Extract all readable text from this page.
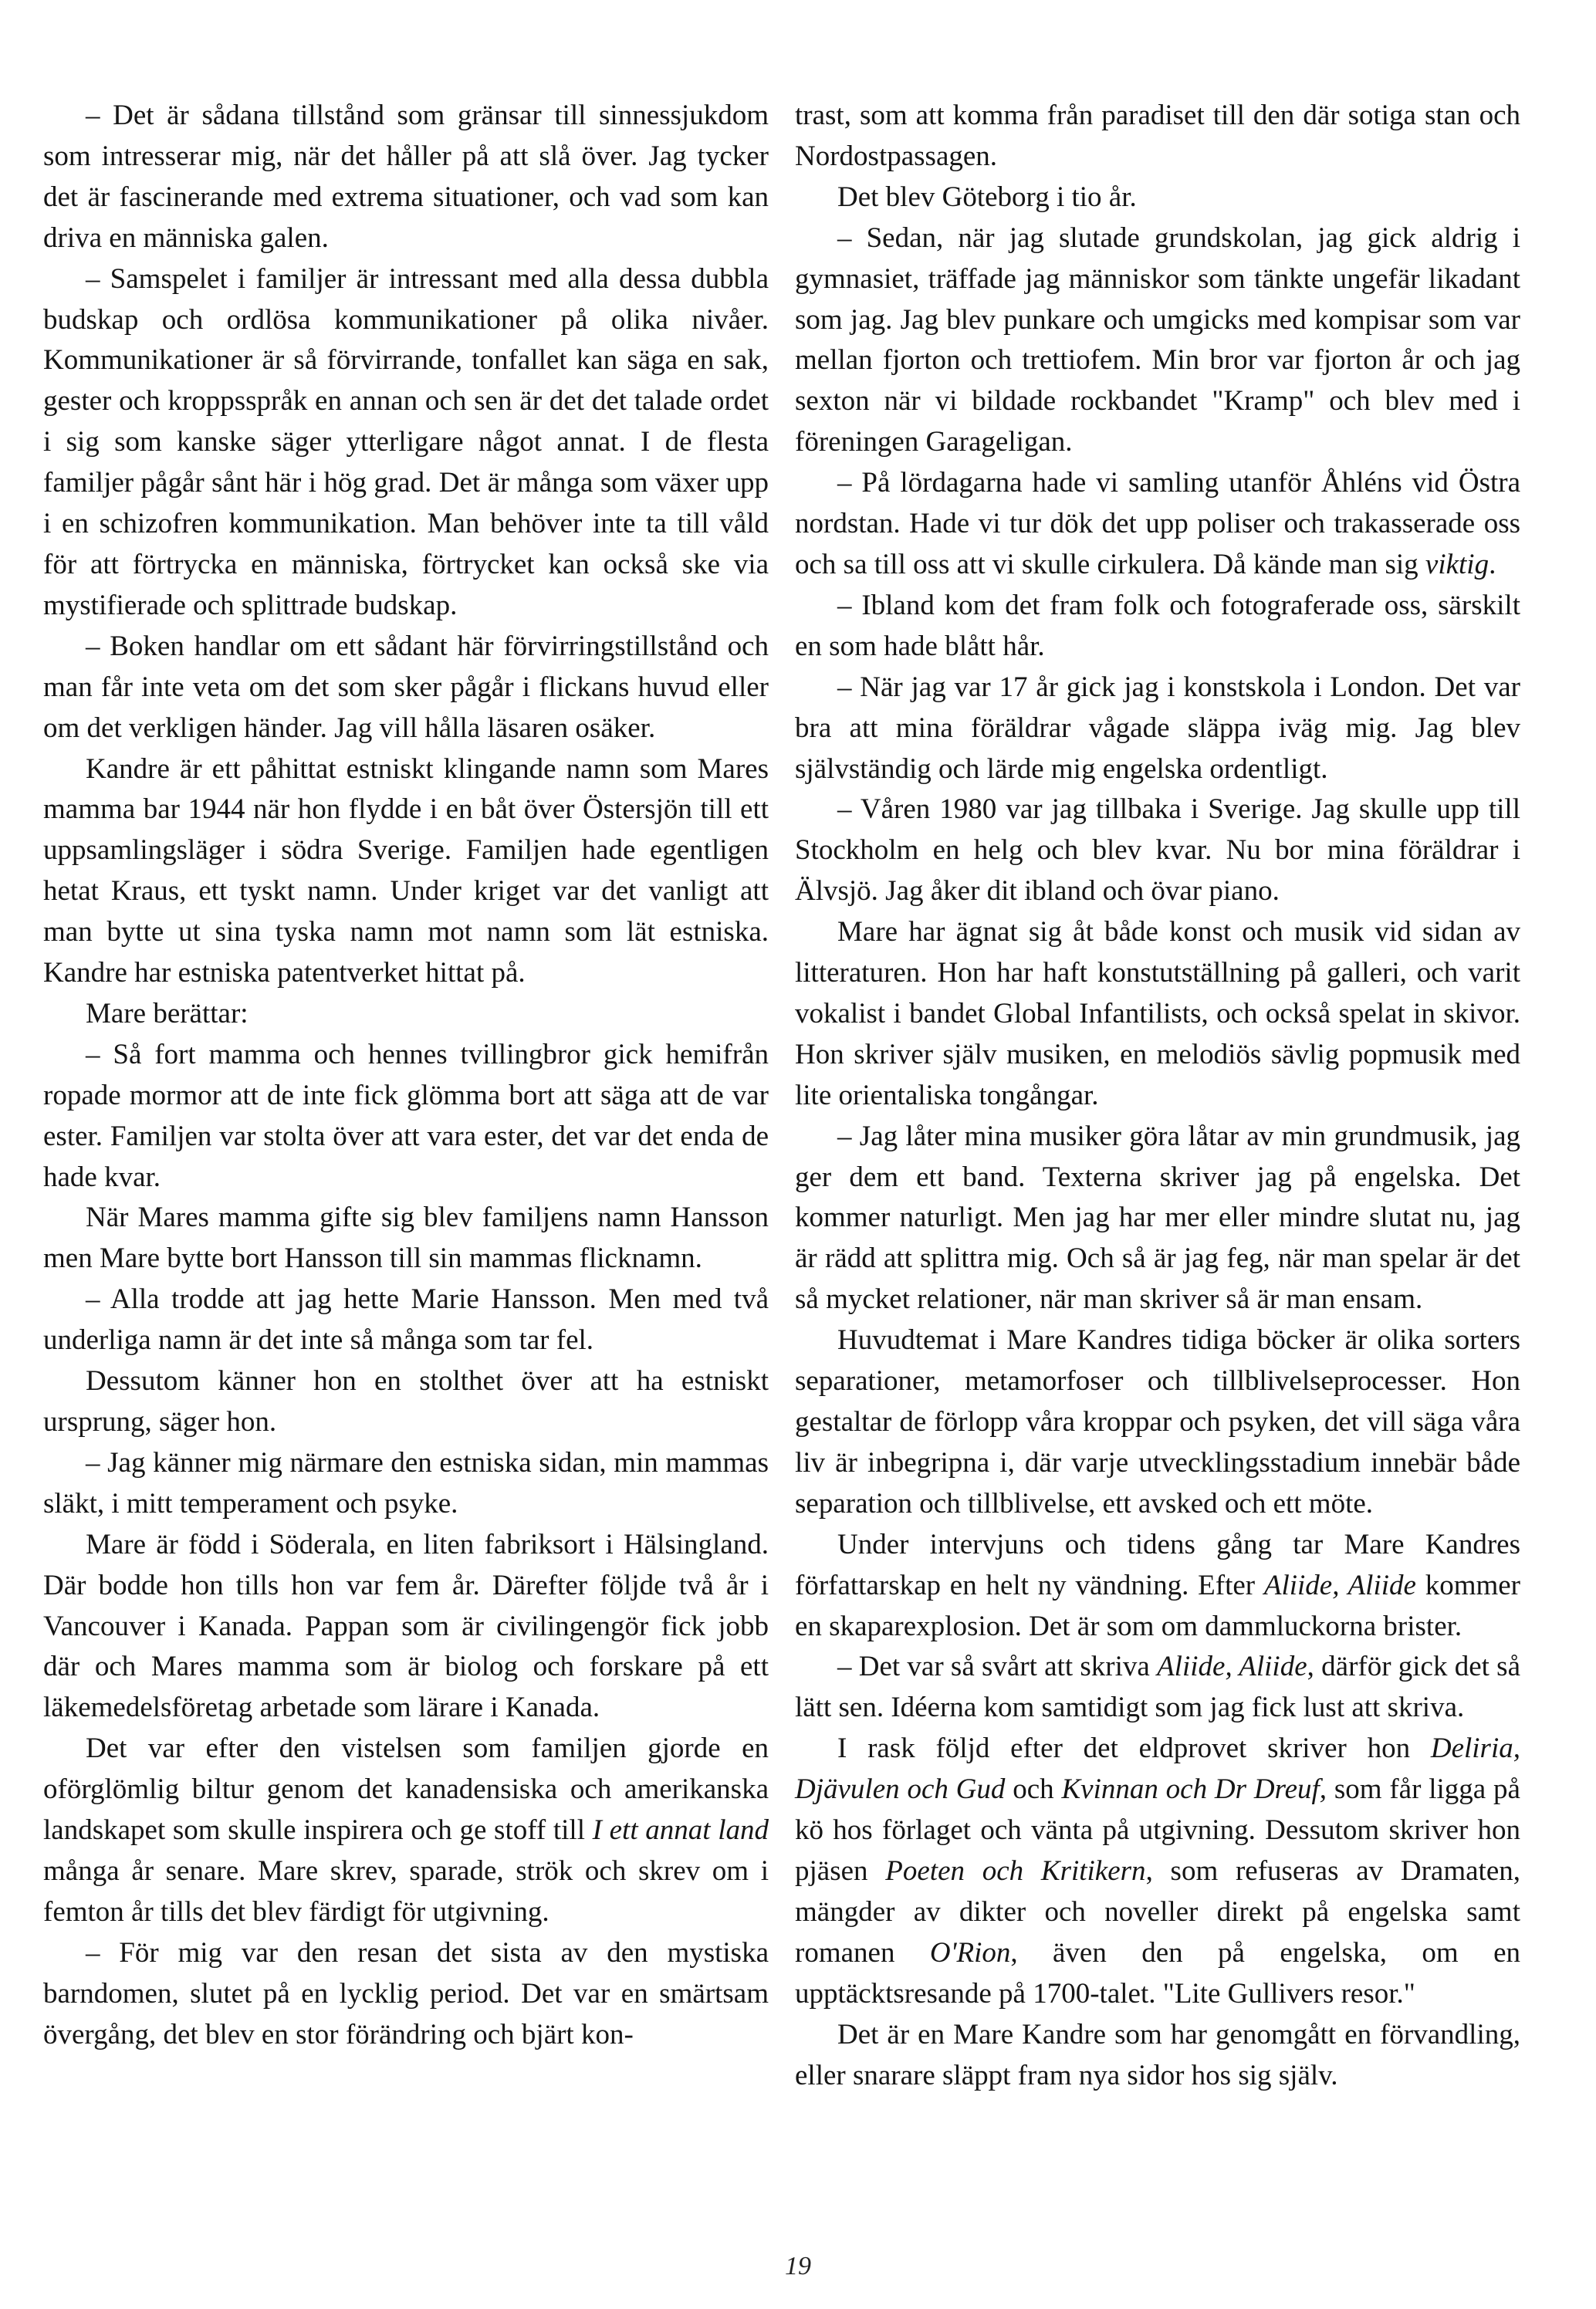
– Det är sådana tillstånd som gränsar till sinnessjukdom som intresserar mig, när det håller på att slå över. Jag tycker det är fascinerande med extrema situationer, och vad som kan driva en människa galen.

– Samspelet i familjer är intressant med alla dessa dubbla budskap och ordlösa kommunikationer på olika nivåer. Kommunikationer är så förvirrande, tonfallet kan säga en sak, gester och kroppsspråk en annan och sen är det det talade ordet i sig som kanske säger ytterligare något annat. I de flesta familjer pågår sånt här i hög grad. Det är många som växer upp i en schizofren kommunikation. Man behöver inte ta till våld för att förtrycka en människa, förtrycket kan också ske via mystifierade och splittrade budskap.

– Boken handlar om ett sådant här förvirringstillstånd och man får inte veta om det som sker pågår i flickans huvud eller om det verkligen händer. Jag vill hålla läsaren osäker.

Kandre är ett påhittat estniskt klingande namn som Mares mamma bar 1944 när hon flydde i en båt över Östersjön till ett uppsamlingsläger i södra Sverige. Familjen hade egentligen hetat Kraus, ett tyskt namn. Under kriget var det vanligt att man bytte ut sina tyska namn mot namn som lät estniska. Kandre har estniska patentverket hittat på.

Mare berättar:

– Så fort mamma och hennes tvillingbror gick hemifrån ropade mormor att de inte fick glömma bort att säga att de var ester. Familjen var stolta över att vara ester, det var det enda de hade kvar.

När Mares mamma gifte sig blev familjens namn Hansson men Mare bytte bort Hansson till sin mammas flicknamn.

– Alla trodde att jag hette Marie Hansson. Men med två underliga namn är det inte så många som tar fel.

Dessutom känner hon en stolthet över att ha estniskt ursprung, säger hon.

– Jag känner mig närmare den estniska sidan, min mammas släkt, i mitt temperament och psyke.

Mare är född i Söderala, en liten fabriksort i Hälsingland. Där bodde hon tills hon var fem år. Därefter följde två år i Vancouver i Kanada. Pappan som är civilingengör fick jobb där och Mares mamma som är biolog och forskare på ett läkemedelsföretag arbetade som lärare i Kanada.

Det var efter den vistelsen som familjen gjorde en oförglömlig biltur genom det kanadensiska och amerikanska landskapet som skulle inspirera och ge stoff till I ett annat land många år senare. Mare skrev, sparade, strök och skrev om i femton år tills det blev färdigt för utgivning.

– För mig var den resan det sista av den mystiska barndomen, slutet på en lycklig period. Det var en smärtsam övergång, det blev en stor förändring och bjärt kon-

trast, som att komma från paradiset till den där sotiga stan och Nordostpassagen.

Det blev Göteborg i tio år.

– Sedan, när jag slutade grundskolan, jag gick aldrig i gymnasiet, träffade jag människor som tänkte ungefär likadant som jag. Jag blev punkare och umgicks med kompisar som var mellan fjorton och trettiofem. Min bror var fjorton år och jag sexton när vi bildade rockbandet "Kramp" och blev med i föreningen Garageligan.

– På lördagarna hade vi samling utanför Åhléns vid Östra nordstan. Hade vi tur dök det upp poliser och trakasserade oss och sa till oss att vi skulle cirkulera. Då kände man sig viktig.

– Ibland kom det fram folk och fotograferade oss, särskilt en som hade blått hår.

– När jag var 17 år gick jag i konstskola i London. Det var bra att mina föräldrar vågade släppa iväg mig. Jag blev självständig och lärde mig engelska ordentligt.

– Våren 1980 var jag tillbaka i Sverige. Jag skulle upp till Stockholm en helg och blev kvar. Nu bor mina föräldrar i Älvsjö. Jag åker dit ibland och övar piano.

Mare har ägnat sig åt både konst och musik vid sidan av litteraturen. Hon har haft konstutställning på galleri, och varit vokalist i bandet Global Infantilists, och också spelat in skivor. Hon skriver själv musiken, en melodiös sävlig popmusik med lite orientaliska tongångar.

– Jag låter mina musiker göra låtar av min grundmusik, jag ger dem ett band. Texterna skriver jag på engelska. Det kommer naturligt. Men jag har mer eller mindre slutat nu, jag är rädd att splittra mig. Och så är jag feg, när man spelar är det så mycket relationer, när man skriver så är man ensam.

Huvudtemat i Mare Kandres tidiga böcker är olika sorters separationer, metamorfoser och tillblivelseprocesser. Hon gestaltar de förlopp våra kroppar och psyken, det vill säga våra liv är inbegripna i, där varje utvecklingsstadium innebär både separation och tillblivelse, ett avsked och ett möte.

Under intervjuns och tidens gång tar Mare Kandres författarskap en helt ny vändning. Efter Aliide, Aliide kommer en skaparexplosion. Det är som om dammluckorna brister.

– Det var så svårt att skriva Aliide, Aliide, därför gick det så lätt sen. Idéerna kom samtidigt som jag fick lust att skriva.

I rask följd efter det eldprovet skriver hon Deliria, Djävulen och Gud och Kvinnan och Dr Dreuf, som får ligga på kö hos förlaget och vänta på utgivning. Dessutom skriver hon pjäsen Poeten och Kritikern, som refuseras av Dramaten, mängder av dikter och noveller direkt på engelska samt romanen O'Rion, även den på engelska, om en upptäcktsresande på 1700-talet. "Lite Gullivers resor."

Det är en Mare Kandre som har genomgått en förvandling, eller snarare släppt fram nya sidor hos sig själv.

19
